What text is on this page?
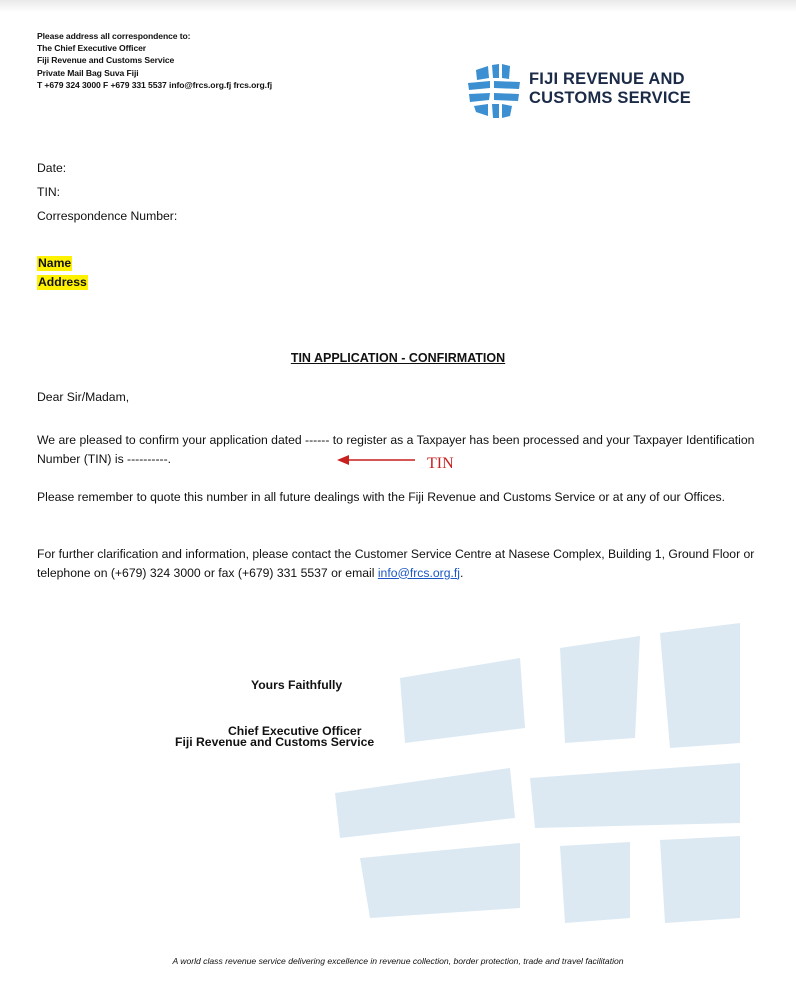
Please address all correspondence to:
The Chief Executive Officer
Fiji Revenue and Customs Service
Private Mail Bag Suva Fiji
T +679 324 3000 F +679 331 5537 info@frcs.org.fj frcs.org.fj	FIJI REVENUE AND
CUSTOMS SERVICE
Date:
TIN:
Correspondence Number:
Name
Address
TIN APPLICATION - CONFIRMATION
Dear Sir/Madam,
We are pleased to confirm your application dated ------ to register as a Taxpayer has been processed and your Taxpayer Identification Number (TIN) is ----------.	TIN
Please remember to quote this number in all future dealings with the Fiji Revenue and Customs Service or at any of our Offices.
For further clarification and information, please contact the Customer Service Centre at Nasese Complex, Building 1, Ground Floor or telephone on (+679) 324 3000 or fax (+679) 331 5537 or email info@frcs.org.fj.
Yours Faithfully
Chief Executive Officer
Fiji Revenue and Customs Service
A world class revenue service delivering excellence in revenue collection, border protection, trade and travel facilitation
